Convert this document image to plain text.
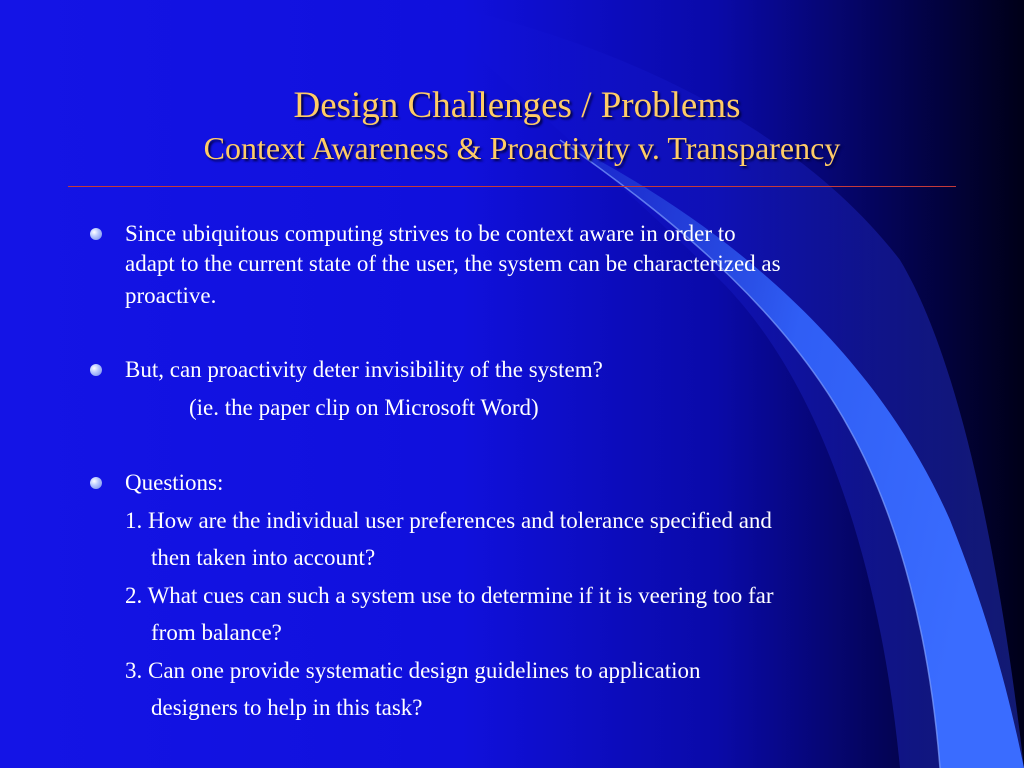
Design Challenges / Problems
Context Awareness & Proactivity v. Transparency
Since ubiquitous computing strives to be context aware in order to
adapt to the current state of the user, the system can be characterized as
proactive.
But, can proactivity deter invisibility of the system?
(ie. the paper clip on Microsoft Word)
Questions:
1. How are the individual user preferences and tolerance specified and
then taken into account?
2. What cues can such a system use to determine if it is veering too far
from balance?
3. Can one provide systematic design guidelines to application
designers to help in this task?
